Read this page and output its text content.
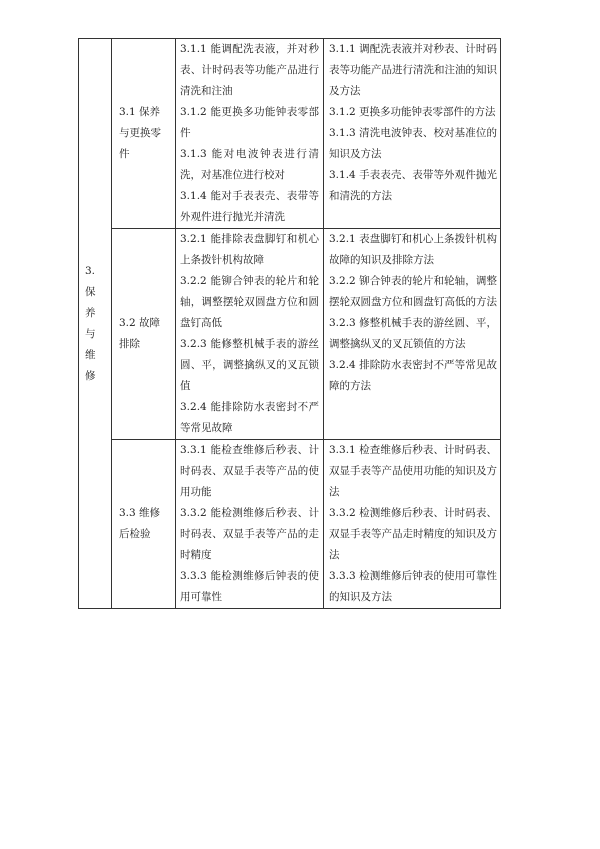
3. 保养与维修	3.1 保养与更换零件	3.1.1 能调配洗表液，并对秒表、计时码表等功能产品进行清洗和注油
3.1.2 能更换多功能钟表零部件
3.1.3 能对电波钟表进行清洗，对基准位进行校对
3.1.4 能对手表表壳、表带等外观件进行抛光并清洗	3.1.1 调配洗表液并对秒表、计时码表等功能产品进行清洗和注油的知识及方法
3.1.2 更换多功能钟表零部件的方法
3.1.3 清洗电波钟表、校对基准位的知识及方法
3.1.4 手表表壳、表带等外观件抛光和清洗的方法

	3.2 故障排除	3.2.1 能排除表盘脚钉和机心上条拨针机构故障
3.2.2 能铆合钟表的轮片和轮轴，调整摆轮双圆盘方位和圆盘钉高低
3.2.3 能修整机械手表的游丝圆、平，调整擒纵叉的叉瓦锁值
3.2.4 能排除防水表密封不严等常见故障	3.2.1 表盘脚钉和机心上条拨针机构故障的知识及排除方法
3.2.2 铆合钟表的轮片和轮轴，调整摆轮双圆盘方位和圆盘钉高低的方法
3.2.3 修整机械手表的游丝圆、平，调整擒纵叉的叉瓦锁值的方法
3.2.4 排除防水表密封不严等常见故障的方法

	3.3 维修后检验	3.3.1 能检查维修后秒表、计时码表、双显手表等产品的使用功能
3.3.2 能检测维修后秒表、计时码表、双显手表等产品的走时精度
3.3.3 能检测维修后钟表的使用可靠性	3.3.1 检查维修后秒表、计时码表、双显手表等产品使用功能的知识及方法
3.3.2 检测维修后秒表、计时码表、双显手表等产品走时精度的知识及方法
3.3.3 检测维修后钟表的使用可靠性的知识及方法
